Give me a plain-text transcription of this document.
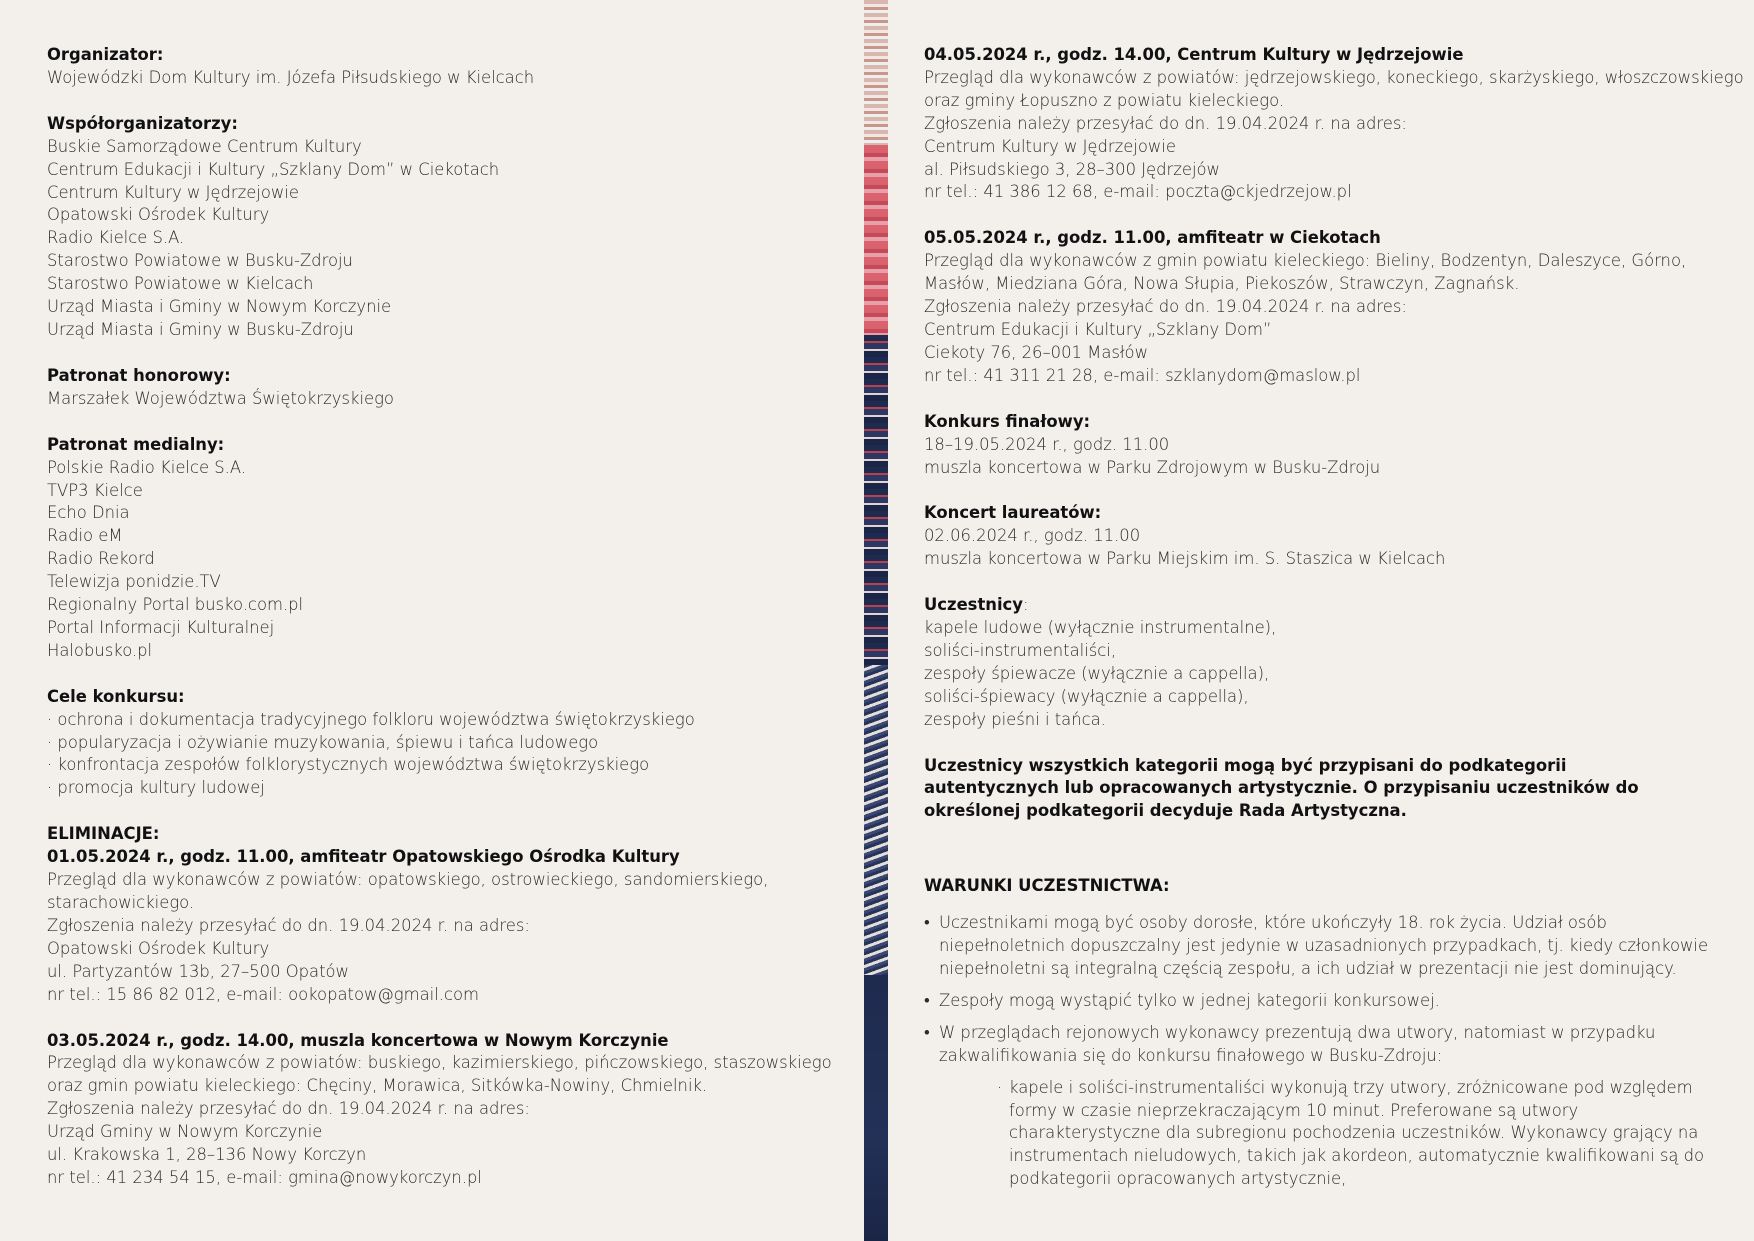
Organizator:
Wojewódzki Dom Kultury im. Józefa Piłsudskiego w Kielcach
Współorganizatorzy:
Buskie Samorządowe Centrum Kultury
Centrum Edukacji i Kultury „Szklany Dom” w Ciekotach
Centrum Kultury w Jędrzejowie
Opatowski Ośrodek Kultury
Radio Kielce S.A.
Starostwo Powiatowe w Busku-Zdroju
Starostwo Powiatowe w Kielcach
Urząd Miasta i Gminy w Nowym Korczynie
Urząd Miasta i Gminy w Busku-Zdroju
Patronat honorowy:
Marszałek Województwa Świętokrzyskiego
Patronat medialny:
Polskie Radio Kielce S.A.
TVP3 Kielce
Echo Dnia
Radio eM
Radio Rekord
Telewizja ponidzie.TV
Regionalny Portal busko.com.pl
Portal Informacji Kulturalnej
Halobusko.pl
Cele konkursu:
· ochrona i dokumentacja tradycyjnego folkloru województwa świętokrzyskiego
· popularyzacja i ożywianie muzykowania, śpiewu i tańca ludowego
· konfrontacja zespołów folklorystycznych województwa świętokrzyskiego
· promocja kultury ludowej
ELIMINACJE:
01.05.2024 r., godz. 11.00, amfiteatr Opatowskiego Ośrodka Kultury
Przegląd dla wykonawców z powiatów: opatowskiego, ostrowieckiego, sandomierskiego,
starachowickiego.
Zgłoszenia należy przesyłać do dn. 19.04.2024 r. na adres:
Opatowski Ośrodek Kultury
ul. Partyzantów 13b, 27–500 Opatów
nr tel.: 15 86 82 012, e-mail: ookopatow@gmail.com
03.05.2024 r., godz. 14.00, muszla koncertowa w Nowym Korczynie
Przegląd dla wykonawców z powiatów: buskiego, kazimierskiego, pińczowskiego, staszowskiego
oraz gmin powiatu kieleckiego: Chęciny, Morawica, Sitkówka-Nowiny, Chmielnik.
Zgłoszenia należy przesyłać do dn. 19.04.2024 r. na adres:
Urząd Gminy w Nowym Korczynie
ul. Krakowska 1, 28–136 Nowy Korczyn
nr tel.: 41 234 54 15, e-mail: gmina@nowykorczyn.pl
04.05.2024 r., godz. 14.00, Centrum Kultury w Jędrzejowie
Przegląd dla wykonawców z powiatów: jędrzejowskiego, koneckiego, skarżyskiego, włoszczowskiego
oraz gminy Łopuszno z powiatu kieleckiego.
Zgłoszenia należy przesyłać do dn. 19.04.2024 r. na adres:
Centrum Kultury w Jędrzejowie
al. Piłsudskiego 3, 28–300 Jędrzejów
nr tel.: 41 386 12 68, e-mail: poczta@ckjedrzejow.pl
05.05.2024 r., godz. 11.00, amfiteatr w Ciekotach
Przegląd dla wykonawców z gmin powiatu kieleckiego: Bieliny, Bodzentyn, Daleszyce, Górno,
Masłów, Miedziana Góra, Nowa Słupia, Piekoszów, Strawczyn, Zagnańsk.
Zgłoszenia należy przesyłać do dn. 19.04.2024 r. na adres:
Centrum Edukacji i Kultury „Szklany Dom”
Ciekoty 76, 26–001 Masłów
nr tel.: 41 311 21 28, e-mail: szklanydom@maslow.pl
Konkurs finałowy:
18–19.05.2024 r., godz. 11.00
muszla koncertowa w Parku Zdrojowym w Busku-Zdroju
Koncert laureatów:
02.06.2024 r., godz. 11.00
muszla koncertowa w Parku Miejskim im. S. Staszica w Kielcach
Uczestnicy:
kapele ludowe (wyłącznie instrumentalne),
soliści-instrumentaliści,
zespoły śpiewacze (wyłącznie a cappella),
soliści-śpiewacy (wyłącznie a cappella),
zespoły pieśni i tańca.
Uczestnicy wszystkich kategorii mogą być przypisani do podkategorii autentycznych lub opracowanych artystycznie. O przypisaniu uczestników do określonej podkategorii decyduje Rada Artystyczna.
WARUNKI UCZESTNICTWA:
• Uczestnikami mogą być osoby dorosłe, które ukończyły 18. rok życia. Udział osób niepełnoletnich dopuszczalny jest jedynie w uzasadnionych przypadkach, tj. kiedy członkowie niepełnoletni są integralną częścią zespołu, a ich udział w prezentacji nie jest dominujący.
• Zespoły mogą wystąpić tylko w jednej kategorii konkursowej.
• W przeglądach rejonowych wykonawcy prezentują dwa utwory, natomiast w przypadku zakwalifikowania się do konkursu finałowego w Busku-Zdroju:
· kapele i soliści-instrumentaliści wykonują trzy utwory, zróżnicowane pod względem formy w czasie nieprzekraczającym 10 minut. Preferowane są utwory charakterystyczne dla subregionu pochodzenia uczestników. Wykonawcy grający na instrumentach nieludowych, takich jak akordeon, automatycznie kwalifikowani są do podkategorii opracowanych artystycznie,
